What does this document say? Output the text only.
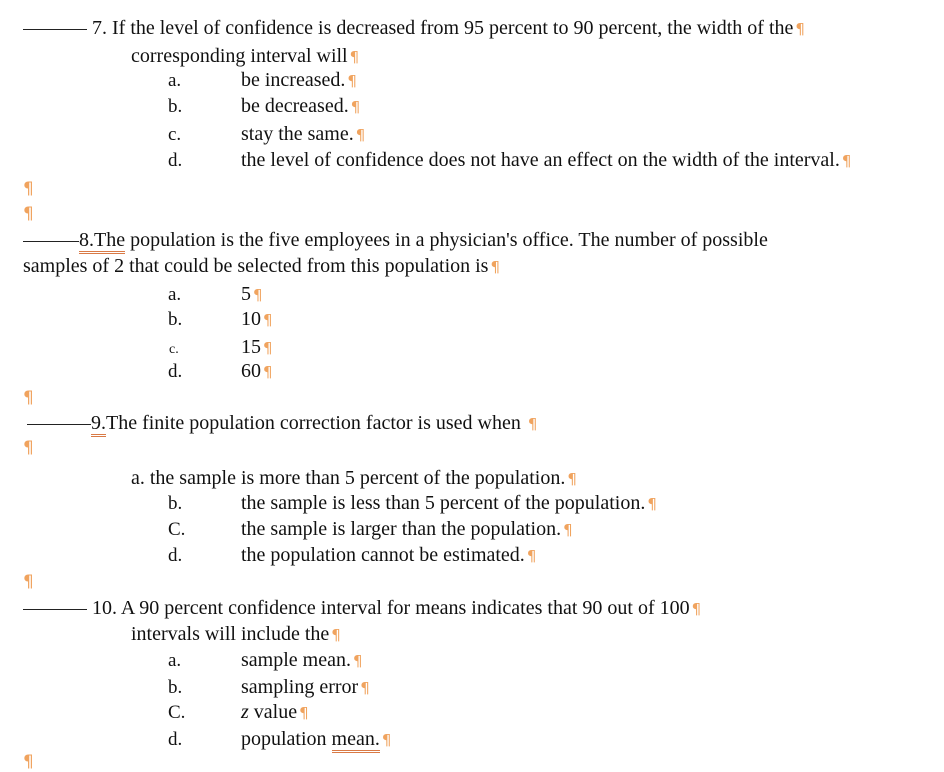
7. If the level of confidence is decreased from 95 percent to 90 percent, the width of the ¶
corresponding interval will ¶
a.	be increased. ¶
b.	be decreased. ¶
c.	stay the same. ¶
d.	the level of confidence does not have an effect on the width of the interval. ¶
¶
¶
8.The population is the five employees in a physician's office. The number of possible
samples of 2 that could be selected from this population is ¶
a.	5 ¶
b.	10 ¶
c.	15 ¶
d.	60 ¶
¶
9.The finite population correction factor is used when ¶
¶
a. the sample is more than 5 percent of the population. ¶
b.	the sample is less than 5 percent of the population. ¶
C.	the sample is larger than the population. ¶
d.	the population cannot be estimated. ¶
¶
10. A 90 percent confidence interval for means indicates that 90 out of 100 ¶
intervals will include the ¶
a.	sample mean. ¶
b.	sampling error ¶
C.	z value ¶
d.	population mean. ¶
¶
